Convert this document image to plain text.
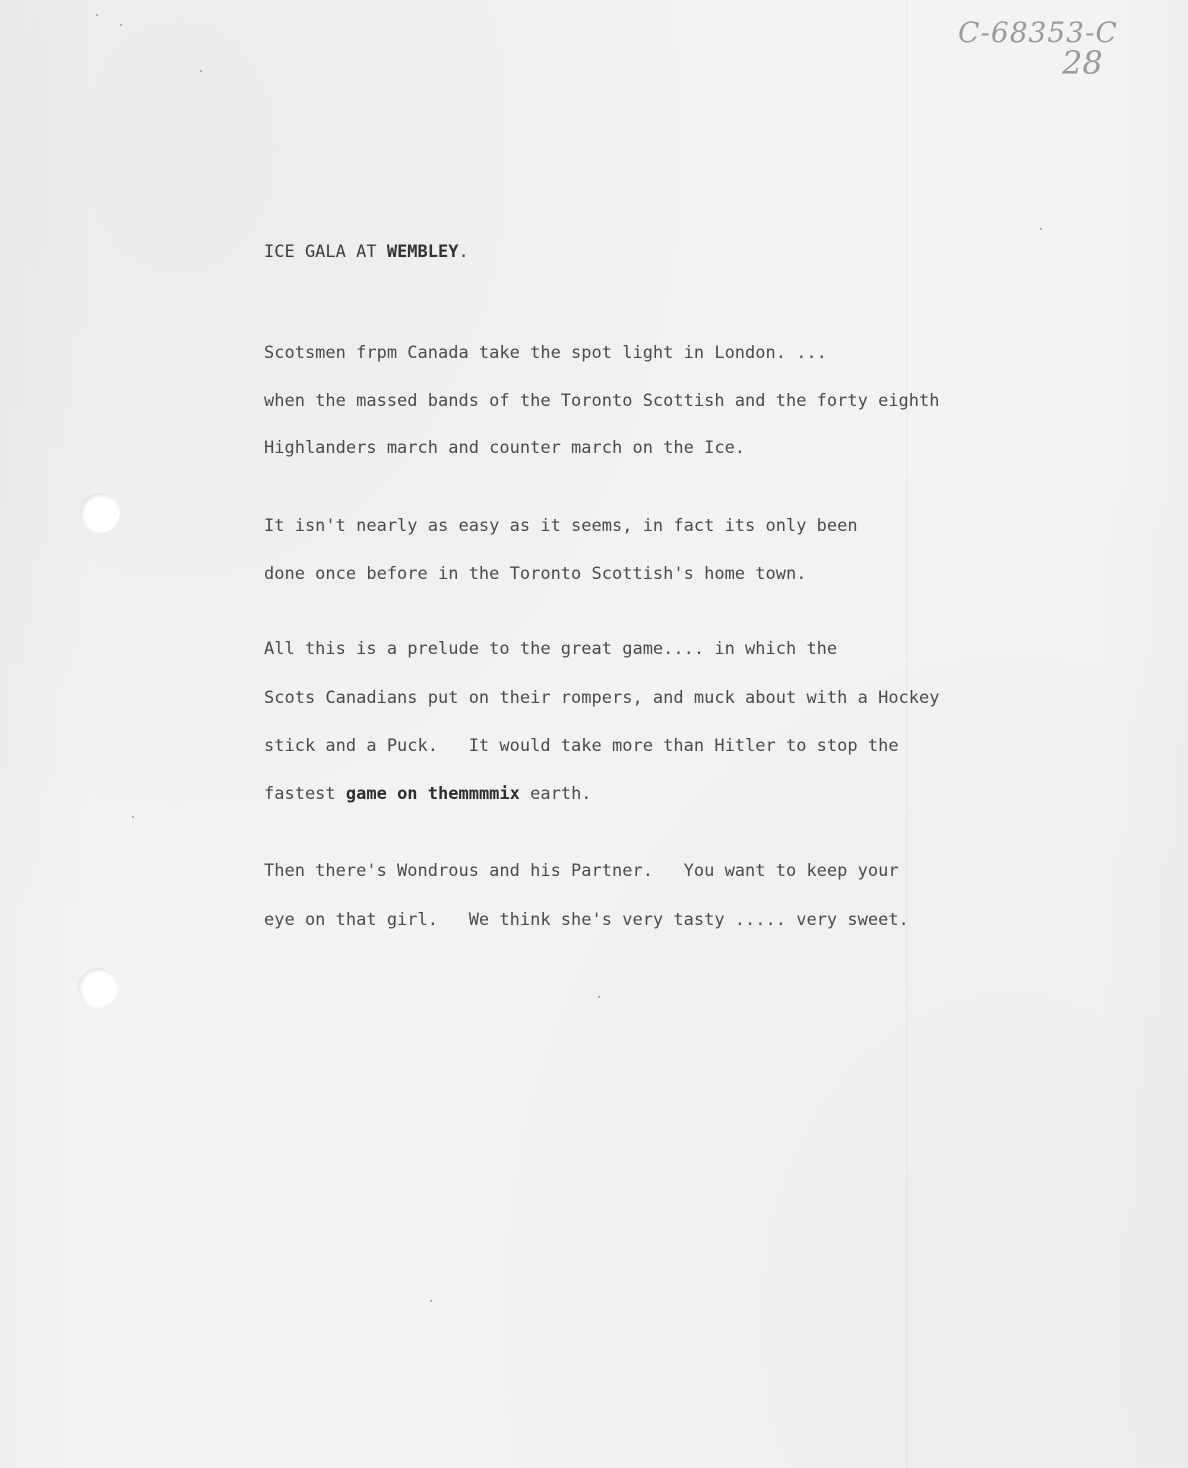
C-68353-C
28
ICE GALA AT WEMBLEY.
Scotsmen frpm Canada take the spot light in London. ...
when the massed bands of the Toronto Scottish and the forty eighth
Highlanders march and counter march on the Ice.
It isn't nearly as easy as it seems, in fact its only been
done once before in the Toronto Scottish's home town.
All this is a prelude to the great game.... in which the
Scots Canadians put on their rompers, and muck about with a Hockey
stick and a Puck.   It would take more than Hitler to stop the
fastest game on themmmmix earth.
Then there's Wondrous and his Partner.   You want to keep your
eye on that girl.   We think she's very tasty ..... very sweet.
